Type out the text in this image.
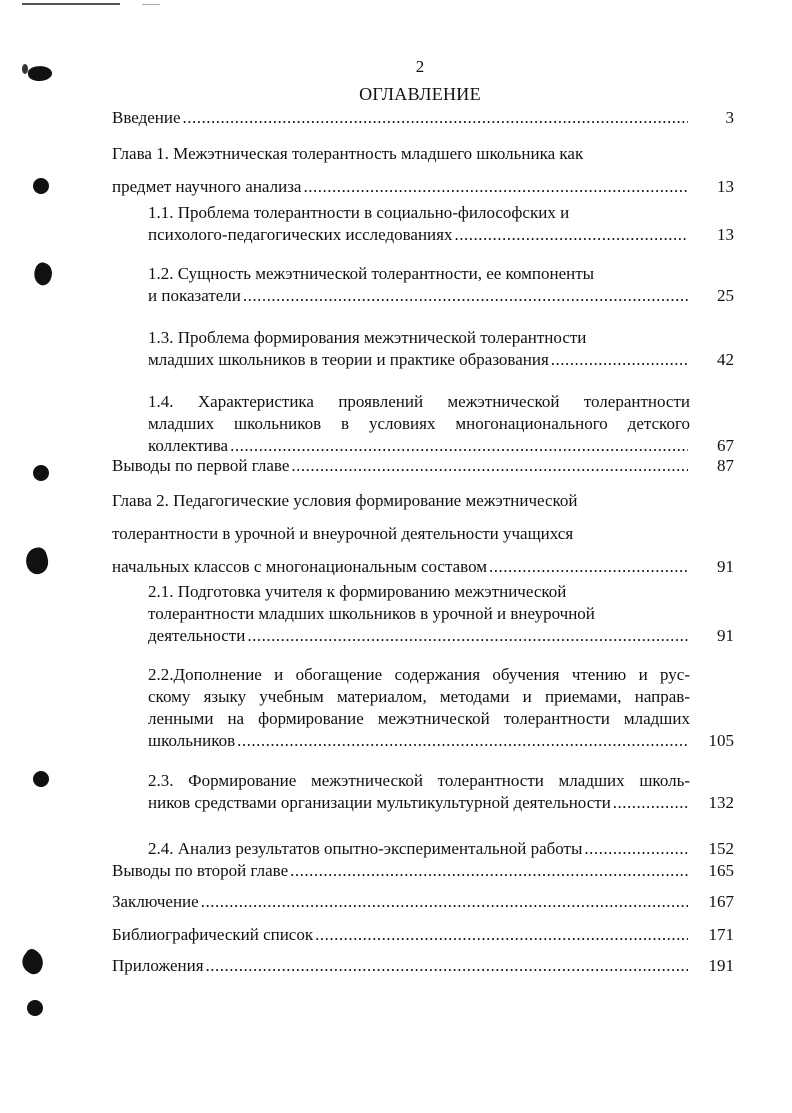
2
ОГЛАВЛЕНИЕ
Введение .....	3
Глава 1. Межэтническая толерантность младшего школьника как
предмет научного анализа .....	13
1.1. Проблема толерантности в социально-философских и
психолого-педагогических исследованиях .....	13
1.2. Сущность межэтнической толерантности, ее компоненты
и показатели .....	25
1.3. Проблема формирования межэтнической толерантности
младших школьников в теории и практике образования .....	42
1.4. Характеристика проявлений межэтнической толерантности
младших школьников в условиях многонационального детского
коллектива .....	67
Выводы по первой главе .....	87
Глава 2. Педагогические условия формирование межэтнической
толерантности в урочной и внеурочной деятельности учащихся
начальных классов с многонациональным составом .....	91
2.1. Подготовка учителя к формированию межэтнической
толерантности младших школьников в урочной и внеурочной
деятельности .....	91
2.2.Дополнение и обогащение содержания обучения чтению и рус-
скому языку учебным материалом, методами и приемами, направ-
ленными на формирование межэтнической толерантности младших
школьников .....	105
2.3. Формирование межэтнической толерантности младших школь-
ников средствами организации мультикультурной деятельности .....	132
2.4. Анализ результатов опытно-экспериментальной работы .....	152
Выводы по второй главе .....	165
Заключение .....	167
Библиографический список .....	171
Приложения .....	191
